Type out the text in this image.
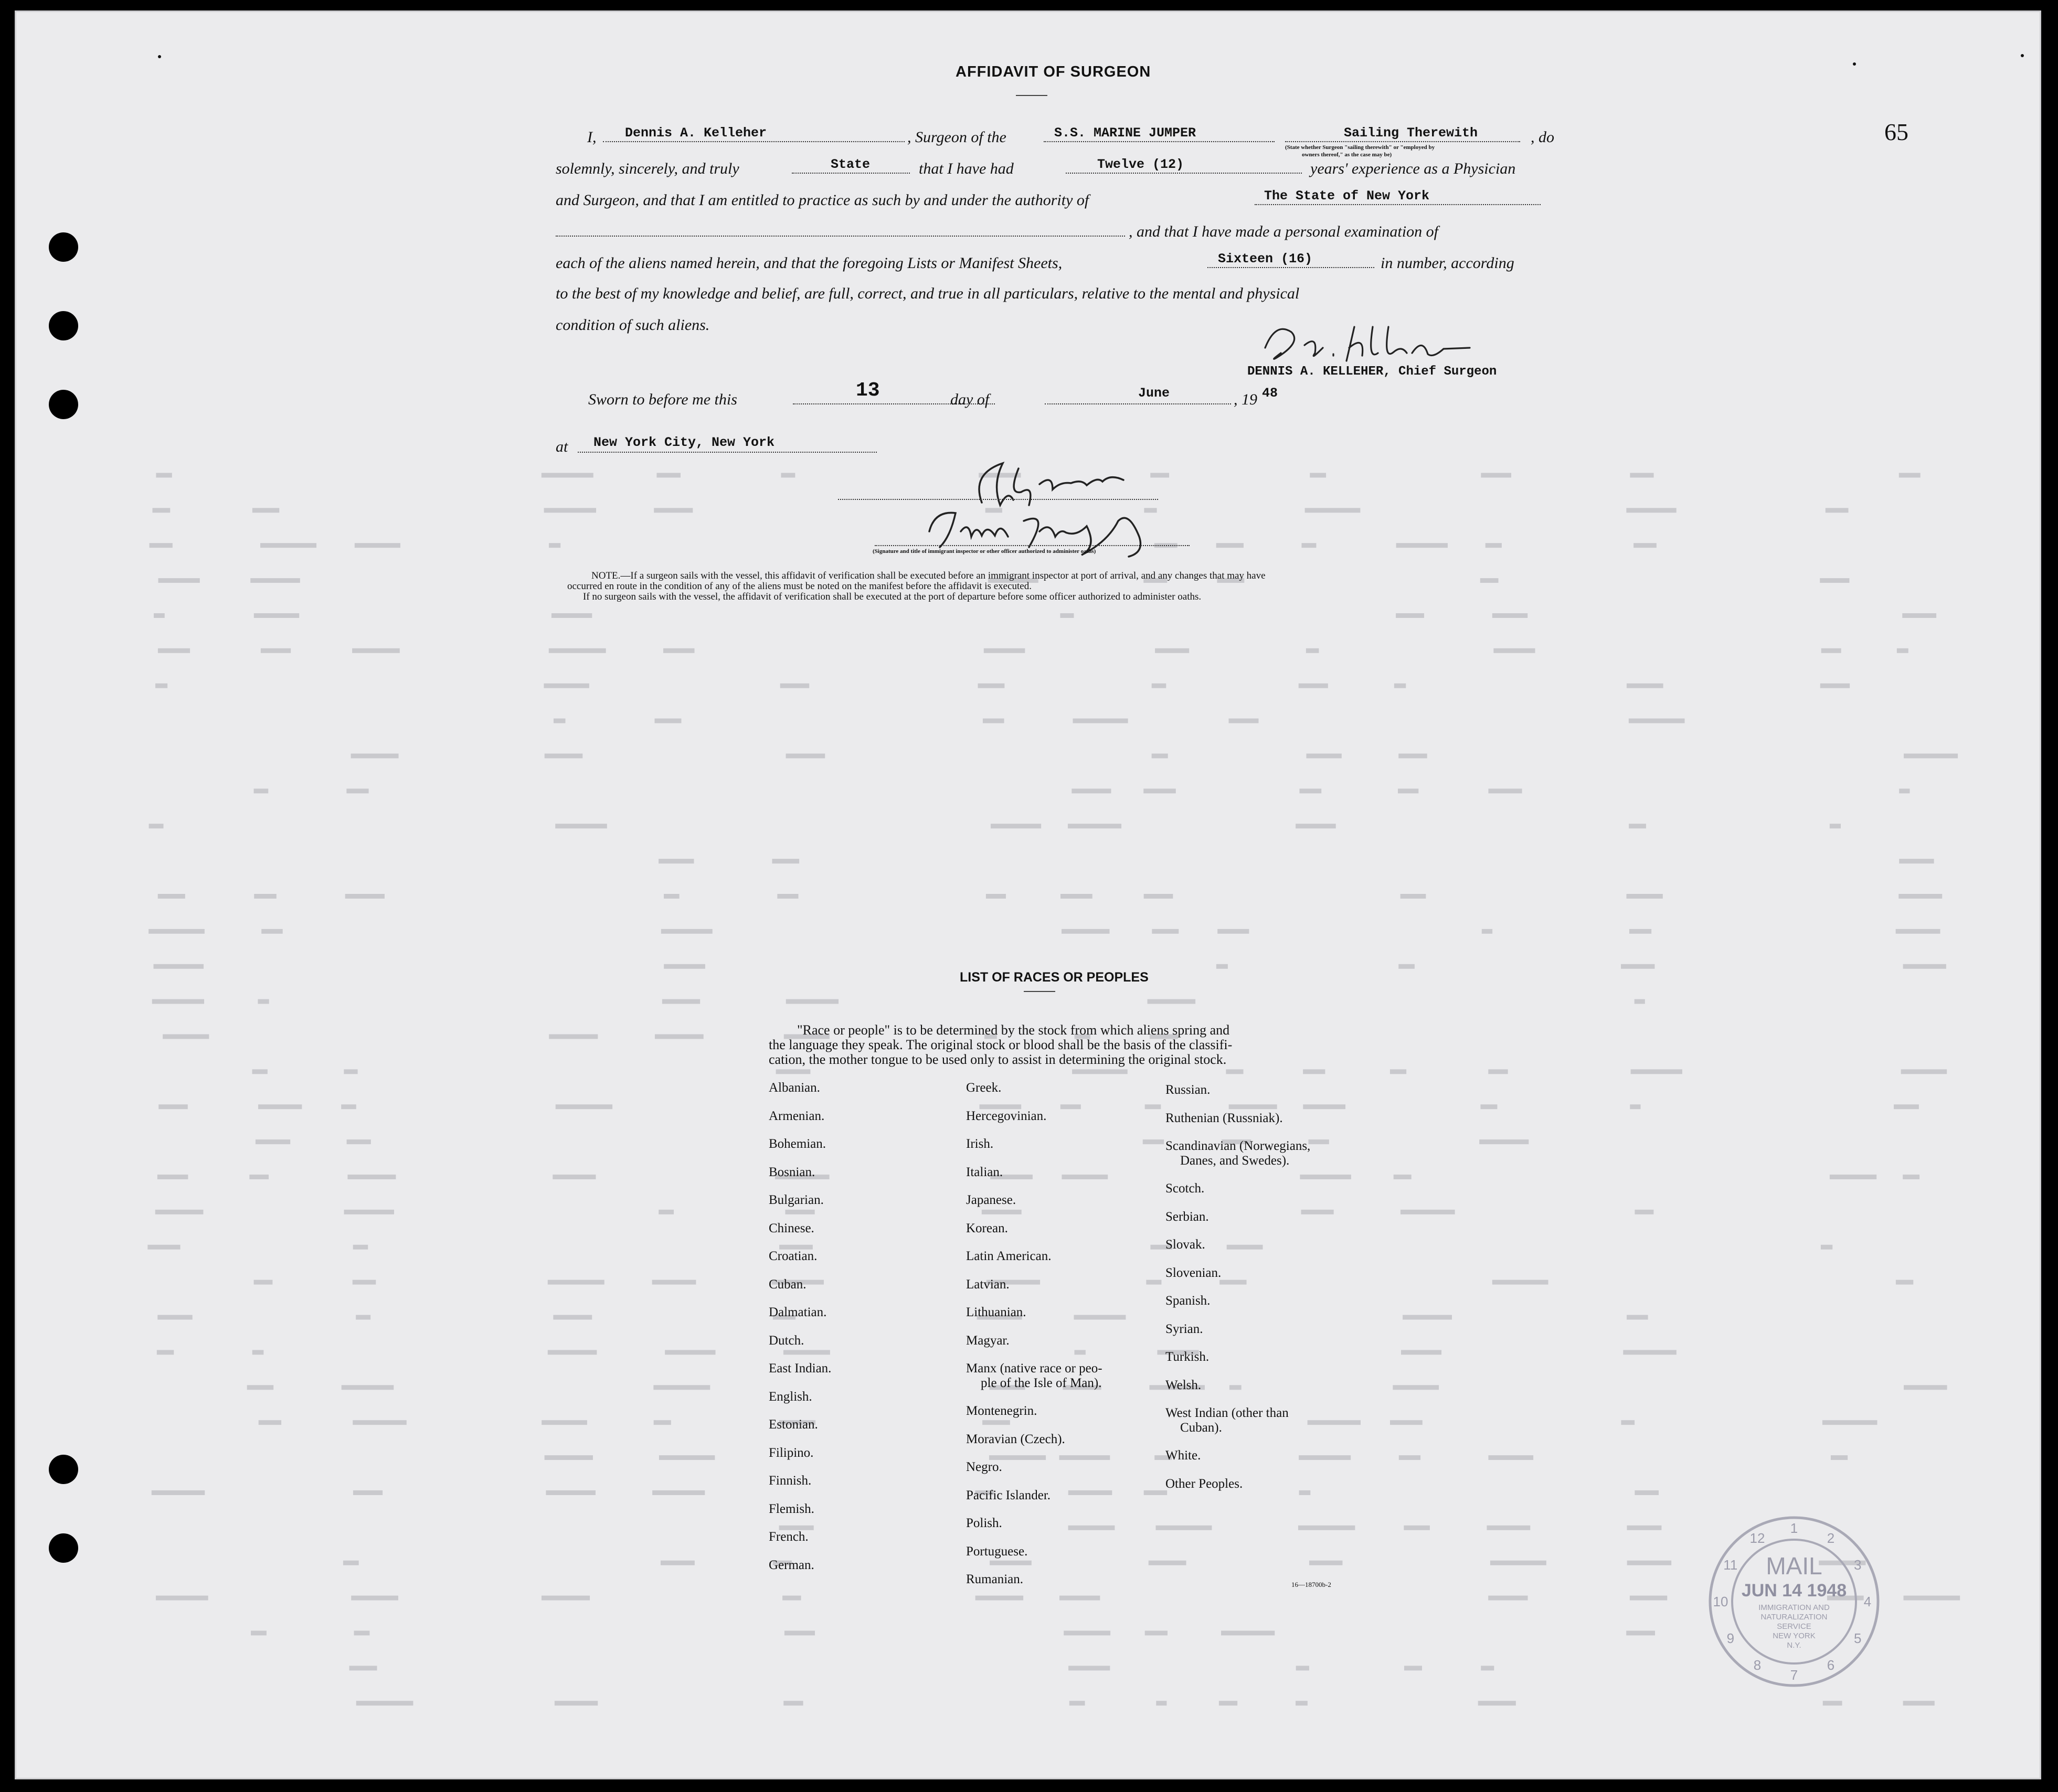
65
AFFIDAVIT OF SURGEON
I, Dennis A. Kelleher	, Surgeon of the	S.S. MARINE JUMPER	Sailing Therewith	, do
(State whether Surgeon "sailing therewith" or "employed by
owners thereof," as the case may be)
solemnly, sincerely, and truly	State	that I have had	Twelve (12)	years' experience as a Physician
and Surgeon, and that I am entitled to practice as such by and under the authority of	The State of New York
, and that I have made a personal examination of
each of the aliens named herein, and that the foregoing Lists or Manifest Sheets,	Sixteen (16)	in number, according
to the best of my knowledge and belief, are full, correct, and true in all particulars, relative to the mental and physical
condition of such aliens.
DENNIS A. KELLEHER, Chief Surgeon
Sworn to before me this	13	day of	June	, 19 48
at New York City, New York
(Signature and title of immigrant inspector or other officer authorized to administer oaths)
NOTE.—If a surgeon sails with the vessel, this affidavit of verification shall be executed before an immigrant inspector at port of arrival, and any changes that may have
occurred en route in the condition of any of the aliens must be noted on the manifest before the affidavit is executed.
If no surgeon sails with the vessel, the affidavit of verification shall be executed at the port of departure before some officer authorized to administer oaths.
LIST OF RACES OR PEOPLES
"Race or people" is to be determined by the stock from which aliens spring and
the language they speak. The original stock or blood shall be the basis of the classifi-
cation, the mother tongue to be used only to assist in determining the original stock.
16—18700b-2
1
2
3
4
5
6
7
8
9
10
11
12
MAIL
JUN 14 1948
IMMIGRATION AND
NATURALIZATION
SERVICE
NEW YORK
N.Y.
Albanian.
Armenian.
Bohemian.
Bosnian.
Bulgarian.
Chinese.
Croatian.
Cuban.
Dalmatian.
Dutch.
East Indian.
English.
Estonian.
Filipino.
Finnish.
Flemish.
French.
German.
Greek.
Hercegovinian.
Irish.
Italian.
Japanese.
Korean.
Latin American.
Latvian.
Lithuanian.
Magyar.
Manx (native race or peo-
ple of the Isle of Man).
Montenegrin.
Moravian (Czech).
Negro.
Pacific Islander.
Polish.
Portuguese.
Rumanian.
Russian.
Ruthenian (Russniak).
Scandinavian (Norwegians,
Danes, and Swedes).
Scotch.
Serbian.
Slovak.
Slovenian.
Spanish.
Syrian.
Turkish.
Welsh.
West Indian (other than
Cuban).
White.
Other Peoples.
